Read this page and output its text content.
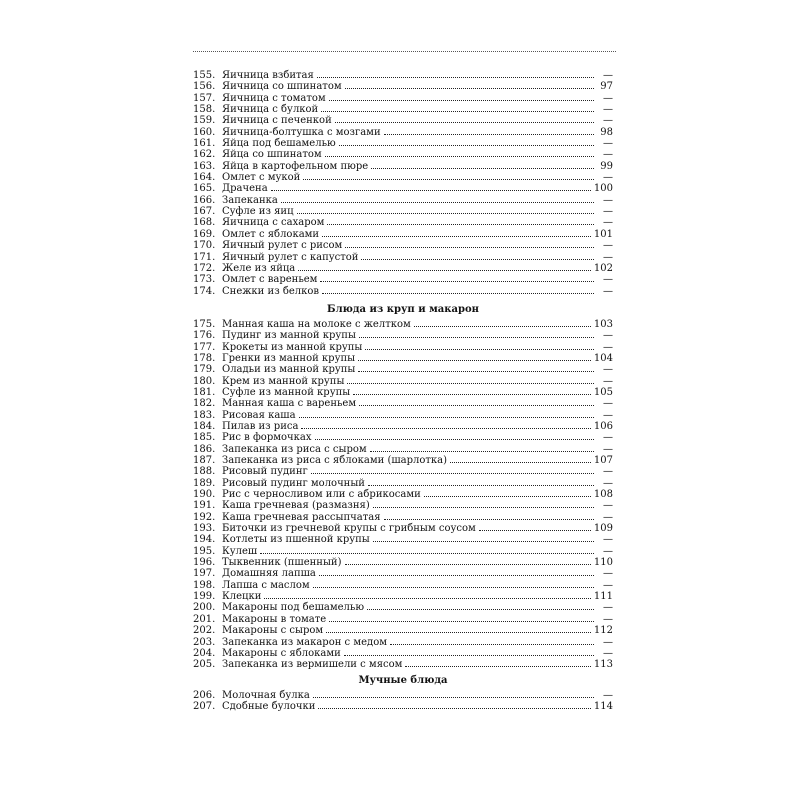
155. Яичница взбитая	—
156. Яичница со шпинатом	97
157. Яичница с томатом	—
158. Яичница с булкой	—
159. Яичница с печенкой	—
160. Яичница-болтушка с мозгами	98
161. Яйца под бешамелью	—
162. Яйца со шпинатом	—
163. Яйца в картофельном пюре	99
164. Омлет с мукой	—
165. Драчена	100
166. Запеканка	—
167. Суфле из яиц	—
168. Яичница с сахаром	—
169. Омлет с яблоками	101
170. Яичный рулет с рисом	—
171. Яичный рулет с капустой	—
172. Желе из яйца	102
173. Омлет с вареньем	—
174. Снежки из белков	—
Блюда из круп и макарон
175. Манная каша на молоке с желтком	103
176. Пудинг из манной крупы	—
177. Крокеты из манной крупы	—
178. Гренки из манной крупы	104
179. Оладьи из манной крупы	—
180. Крем из манной крупы	—
181. Суфле из манной крупы	105
182. Манная каша с вареньем	—
183. Рисовая каша	—
184. Пилав из риса	106
185. Рис в формочках	—
186. Запеканка из риса с сыром	—
187. Запеканка из риса с яблоками (шарлотка)	107
188. Рисовый пудинг	—
189. Рисовый пудинг молочный	—
190. Рис с черносливом или с абрикосами	108
191. Каша гречневая (размазня)	—
192. Каша гречневая рассыпчатая	—
193. Биточки из гречневой крупы с грибным соусом	109
194. Котлеты из пшенной крупы	—
195. Кулеш	—
196. Тыквенник (пшенный)	110
197. Домашняя лапша	—
198. Лапша с маслом	—
199. Клецки	111
200. Макароны под бешамелью	—
201. Макароны в томате	—
202. Макароны с сыром	112
203. Запеканка из макарон с медом	—
204. Макароны с яблоками	—
205. Запеканка из вермишели с мясом	113
Мучные блюда
206. Молочная булка	—
207. Сдобные булочки	114
